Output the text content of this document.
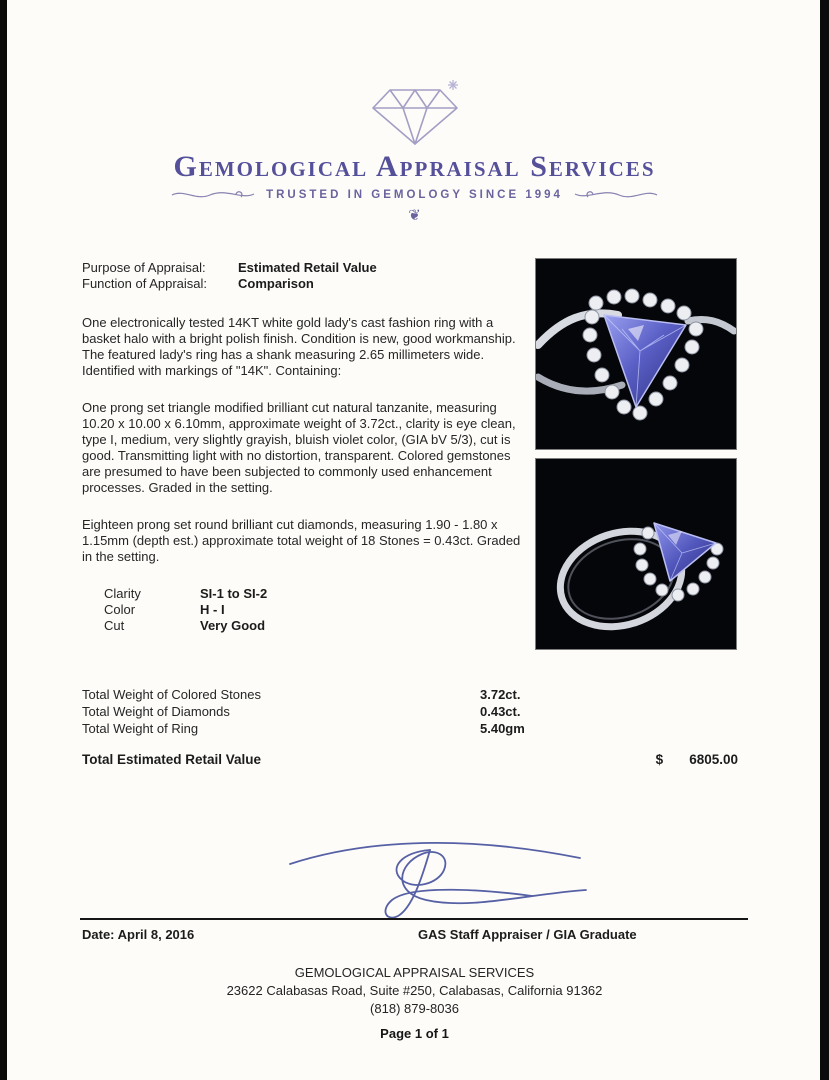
Gemological Appraisal Services
TRUSTED IN GEMOLOGY SINCE 1994
❦
Purpose of Appraisal: Estimated Retail Value
Function of Appraisal: Comparison

One electronically tested 14KT white gold lady's cast fashion ring with a basket halo with a bright polish finish. Condition is new, good workmanship. The featured lady's ring has a shank measuring 2.65 millimeters wide. Identified with markings of "14K". Containing:

One prong set triangle modified brilliant cut natural tanzanite, measuring 10.20 x 10.00 x 6.10mm, approximate weight of 3.72ct., clarity is eye clean, type I, medium, very slightly grayish, bluish violet color, (GIA bV 5/3), cut is good. Transmitting light with no distortion, transparent. Colored gemstones are presumed to have been subjected to commonly used enhancement processes. Graded in the setting.

Eighteen prong set round brilliant cut diamonds, measuring 1.90 - 1.80 x 1.15mm (depth est.) approximate total weight of 18 Stones = 0.43ct. Graded in the setting.

Clarity	SI-1 to SI-2
Color	H - I
Cut	Very Good
Total Weight of Colored Stones	3.72ct.
Total Weight of Diamonds	0.43ct.
Total Weight of Ring	5.40gm
Total Estimated Retail Value	$ 6805.00
Date: April 8, 2016	GAS Staff Appraiser / GIA Graduate
GEMOLOGICAL APPRAISAL SERVICES
23622 Calabasas Road, Suite #250, Calabasas, California 91362
(818) 879-8036
Page 1 of 1
